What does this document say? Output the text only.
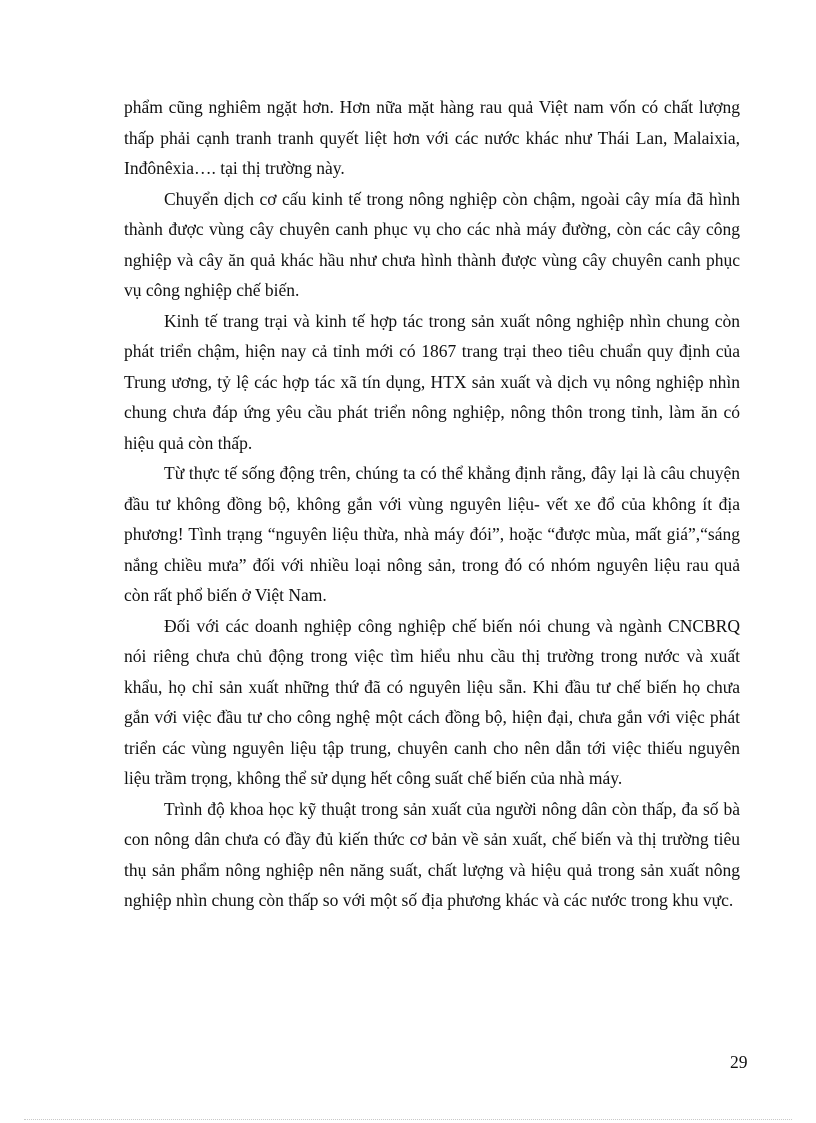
phẩm cũng nghiêm ngặt hơn. Hơn nữa mặt hàng rau quả Việt nam vốn có chất lượng thấp phải cạnh tranh tranh quyết liệt hơn với các nước khác như Thái Lan, Malaixia, Inđônêxia…. tại thị trường này.

Chuyển dịch cơ cấu kinh tế trong nông nghiệp còn chậm, ngoài cây mía đã hình thành được vùng cây chuyên canh phục vụ cho các nhà máy đường, còn các cây công nghiệp và cây ăn quả khác hầu như chưa hình thành được vùng cây chuyên canh phục vụ công nghiệp chế biến.

Kinh tế trang trại và kinh tế hợp tác trong sản xuất nông nghiệp nhìn chung còn phát triển chậm, hiện nay cả tỉnh mới có 1867 trang trại theo tiêu chuẩn quy định của Trung ương, tỷ lệ các hợp tác xã tín dụng, HTX sản xuất và dịch vụ nông nghiệp nhìn chung chưa đáp ứng yêu cầu phát triển nông nghiệp, nông thôn trong tỉnh, làm ăn có hiệu quả còn thấp.

Từ thực tế sống động trên, chúng ta có thể khẳng định rằng, đây lại là câu chuyện đầu tư không đồng bộ, không gắn với vùng nguyên liệu- vết xe đổ của không ít địa phương! Tình trạng “nguyên liệu thừa, nhà máy đói”, hoặc “được mùa, mất giá”,“sáng nắng chiều mưa” đối với nhiều loại nông sản, trong đó có nhóm nguyên liệu rau quả còn rất phổ biến ở Việt Nam.

Đối với các doanh nghiệp công nghiệp chế biến nói chung và ngành CNCBRQ nói riêng chưa chủ động trong việc tìm hiểu nhu cầu thị trường trong nước và xuất khẩu, họ chỉ sản xuất những thứ đã có nguyên liệu sẵn. Khi đầu tư chế biến họ chưa gắn với việc đầu tư cho công nghệ một cách đồng bộ, hiện đại, chưa gắn với việc phát triển các vùng nguyên liệu tập trung, chuyên canh cho nên dẫn tới việc thiếu nguyên liệu trầm trọng, không thể sử dụng hết công suất chế biến của nhà máy.

Trình độ khoa học kỹ thuật trong sản xuất của người nông dân còn thấp, đa số bà con nông dân chưa có đầy đủ kiến thức cơ bản về sản xuất, chế biến và thị trường tiêu thụ sản phẩm nông nghiệp nên năng suất, chất lượng và hiệu quả trong sản xuất nông nghiệp nhìn chung còn thấp so với một số địa phương khác và các nước trong khu vực.

29
